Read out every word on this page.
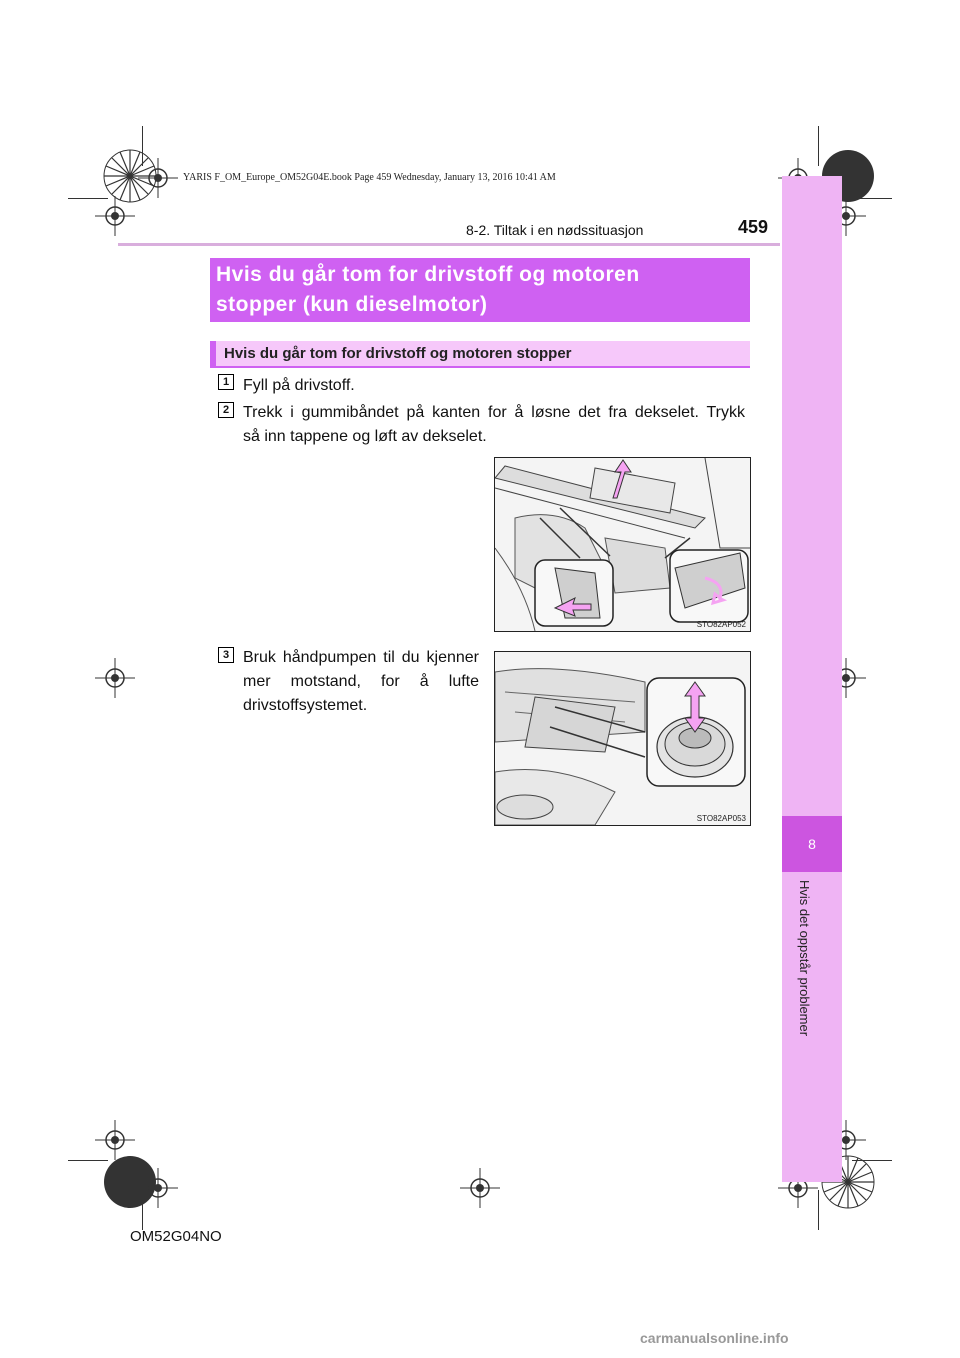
YARIS F_OM_Europe_OM52G04E.book Page 459 Wednesday, January 13, 2016 10:41 AM
8-2. Tiltak i en nødssituasjon	459
8
Hvis det oppstår problemer
Hvis du går tom for drivstoff og motoren
stopper (kun dieselmotor)
Hvis du går tom for drivstoff og motoren stopper
1 Fyll på drivstoff.
2 Trekk i gummibåndet på kanten for å løsne det fra dekselet. Trykk
så inn tappene og løft av dekselet.
STO82AP052
3 Bruk håndpumpen til du kjenner
mer motstand, for å lufte
drivstoffsystemet.
STO82AP053
OM52G04NO
carmanualsonline.info
